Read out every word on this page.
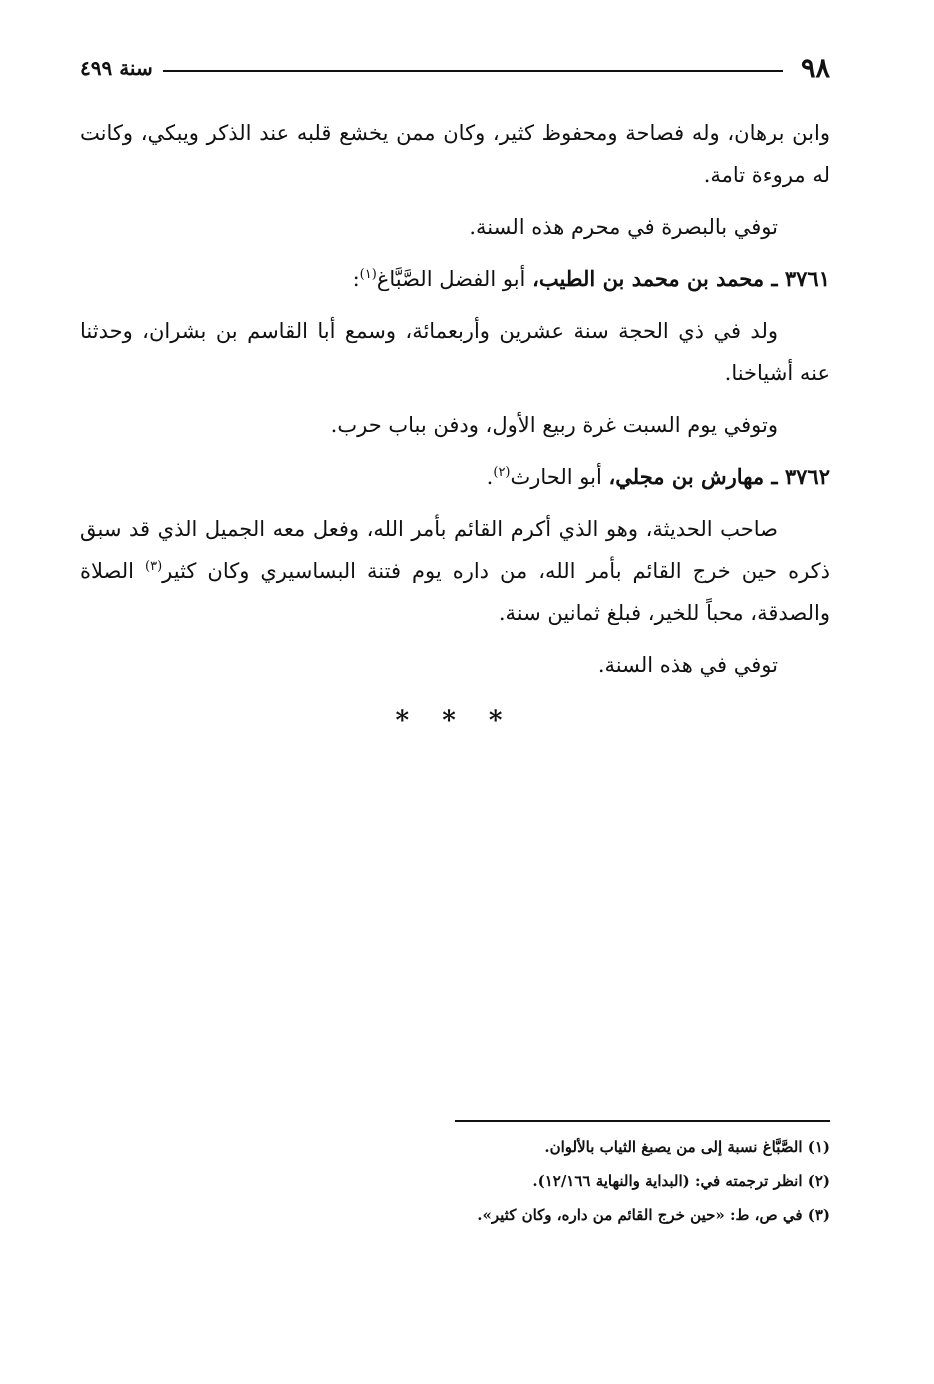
٩٨
سنة ٤٩٩

وابن برهان، وله فصاحة ومحفوظ كثير، وكان ممن يخشع قلبه عند الذكر ويبكي، وكانت له مروءة تامة.

توفي بالبصرة في محرم هذه السنة.

٣٧٦١ ـ محمد بن محمد بن الطيب، أبو الفضل الصَّبَّاغ$^{(١)}$:

ولد في ذي الحجة سنة عشرين وأربعمائة، وسمع أبا القاسم بن بشران، وحدثنا عنه أشياخنا.

وتوفي يوم السبت غرة ربيع الأول، ودفن بباب حرب.

٣٧٦٢ ـ مهارش بن مجلي، أبو الحارث$^{(٢)}$.

صاحب الحديثة، وهو الذي أكرم القائم بأمر الله، وفعل معه الجميل الذي قد سبق ذكره حين خرج القائم بأمر الله، من داره يوم فتنة البساسيري وكان كثير$^{(٣)}$ الصلاة والصدقة، محباً للخير، فبلغ ثمانين سنة.

توفي في هذه السنة.

* * *
(١) الصَّبَّاغ نسبة إلى من يصبغ الثياب بالألوان.
(٢) انظر ترجمته في: (البداية والنهاية ١٢/١٦٦).
(٣) في ص، ط: «حين خرج القائم من داره، وكان كثير».
